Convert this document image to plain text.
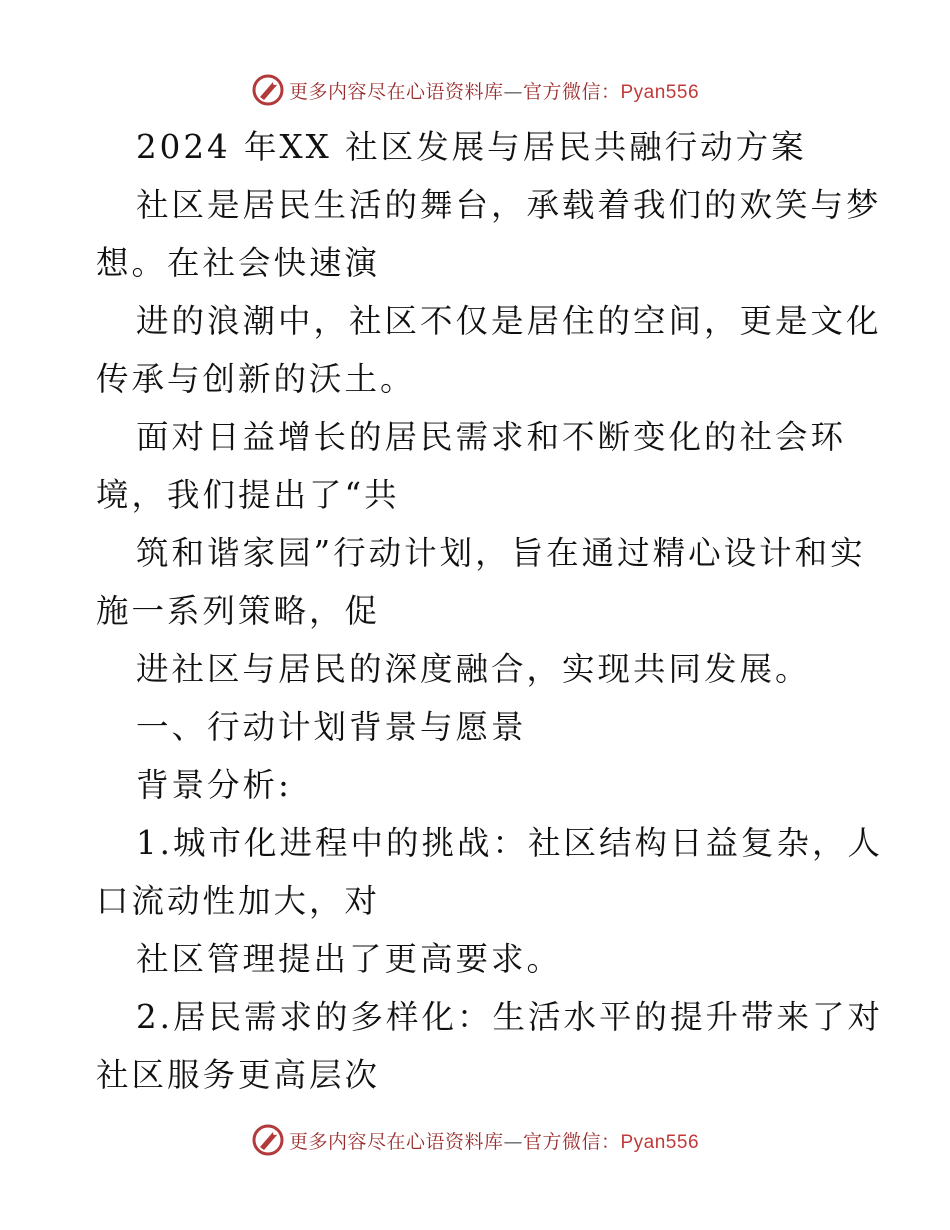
更多内容尽在心语资料库—官方微信：Pyan556
2024 年XX 社区发展与居民共融行动方案
社区是居民生活的舞台，承载着我们的欢笑与梦
想。在社会快速演
进的浪潮中，社区不仅是居住的空间，更是文化
传承与创新的沃土。
面对日益增长的居民需求和不断变化的社会环
境，我们提出了“共
筑和谐家园”行动计划，旨在通过精心设计和实
施一系列策略，促
进社区与居民的深度融合，实现共同发展。
一、行动计划背景与愿景
背景分析:
1.城市化进程中的挑战：社区结构日益复杂，人
口流动性加大，对
社区管理提出了更高要求。
2.居民需求的多样化：生活水平的提升带来了对
社区服务更高层次
更多内容尽在心语资料库—官方微信：Pyan556
